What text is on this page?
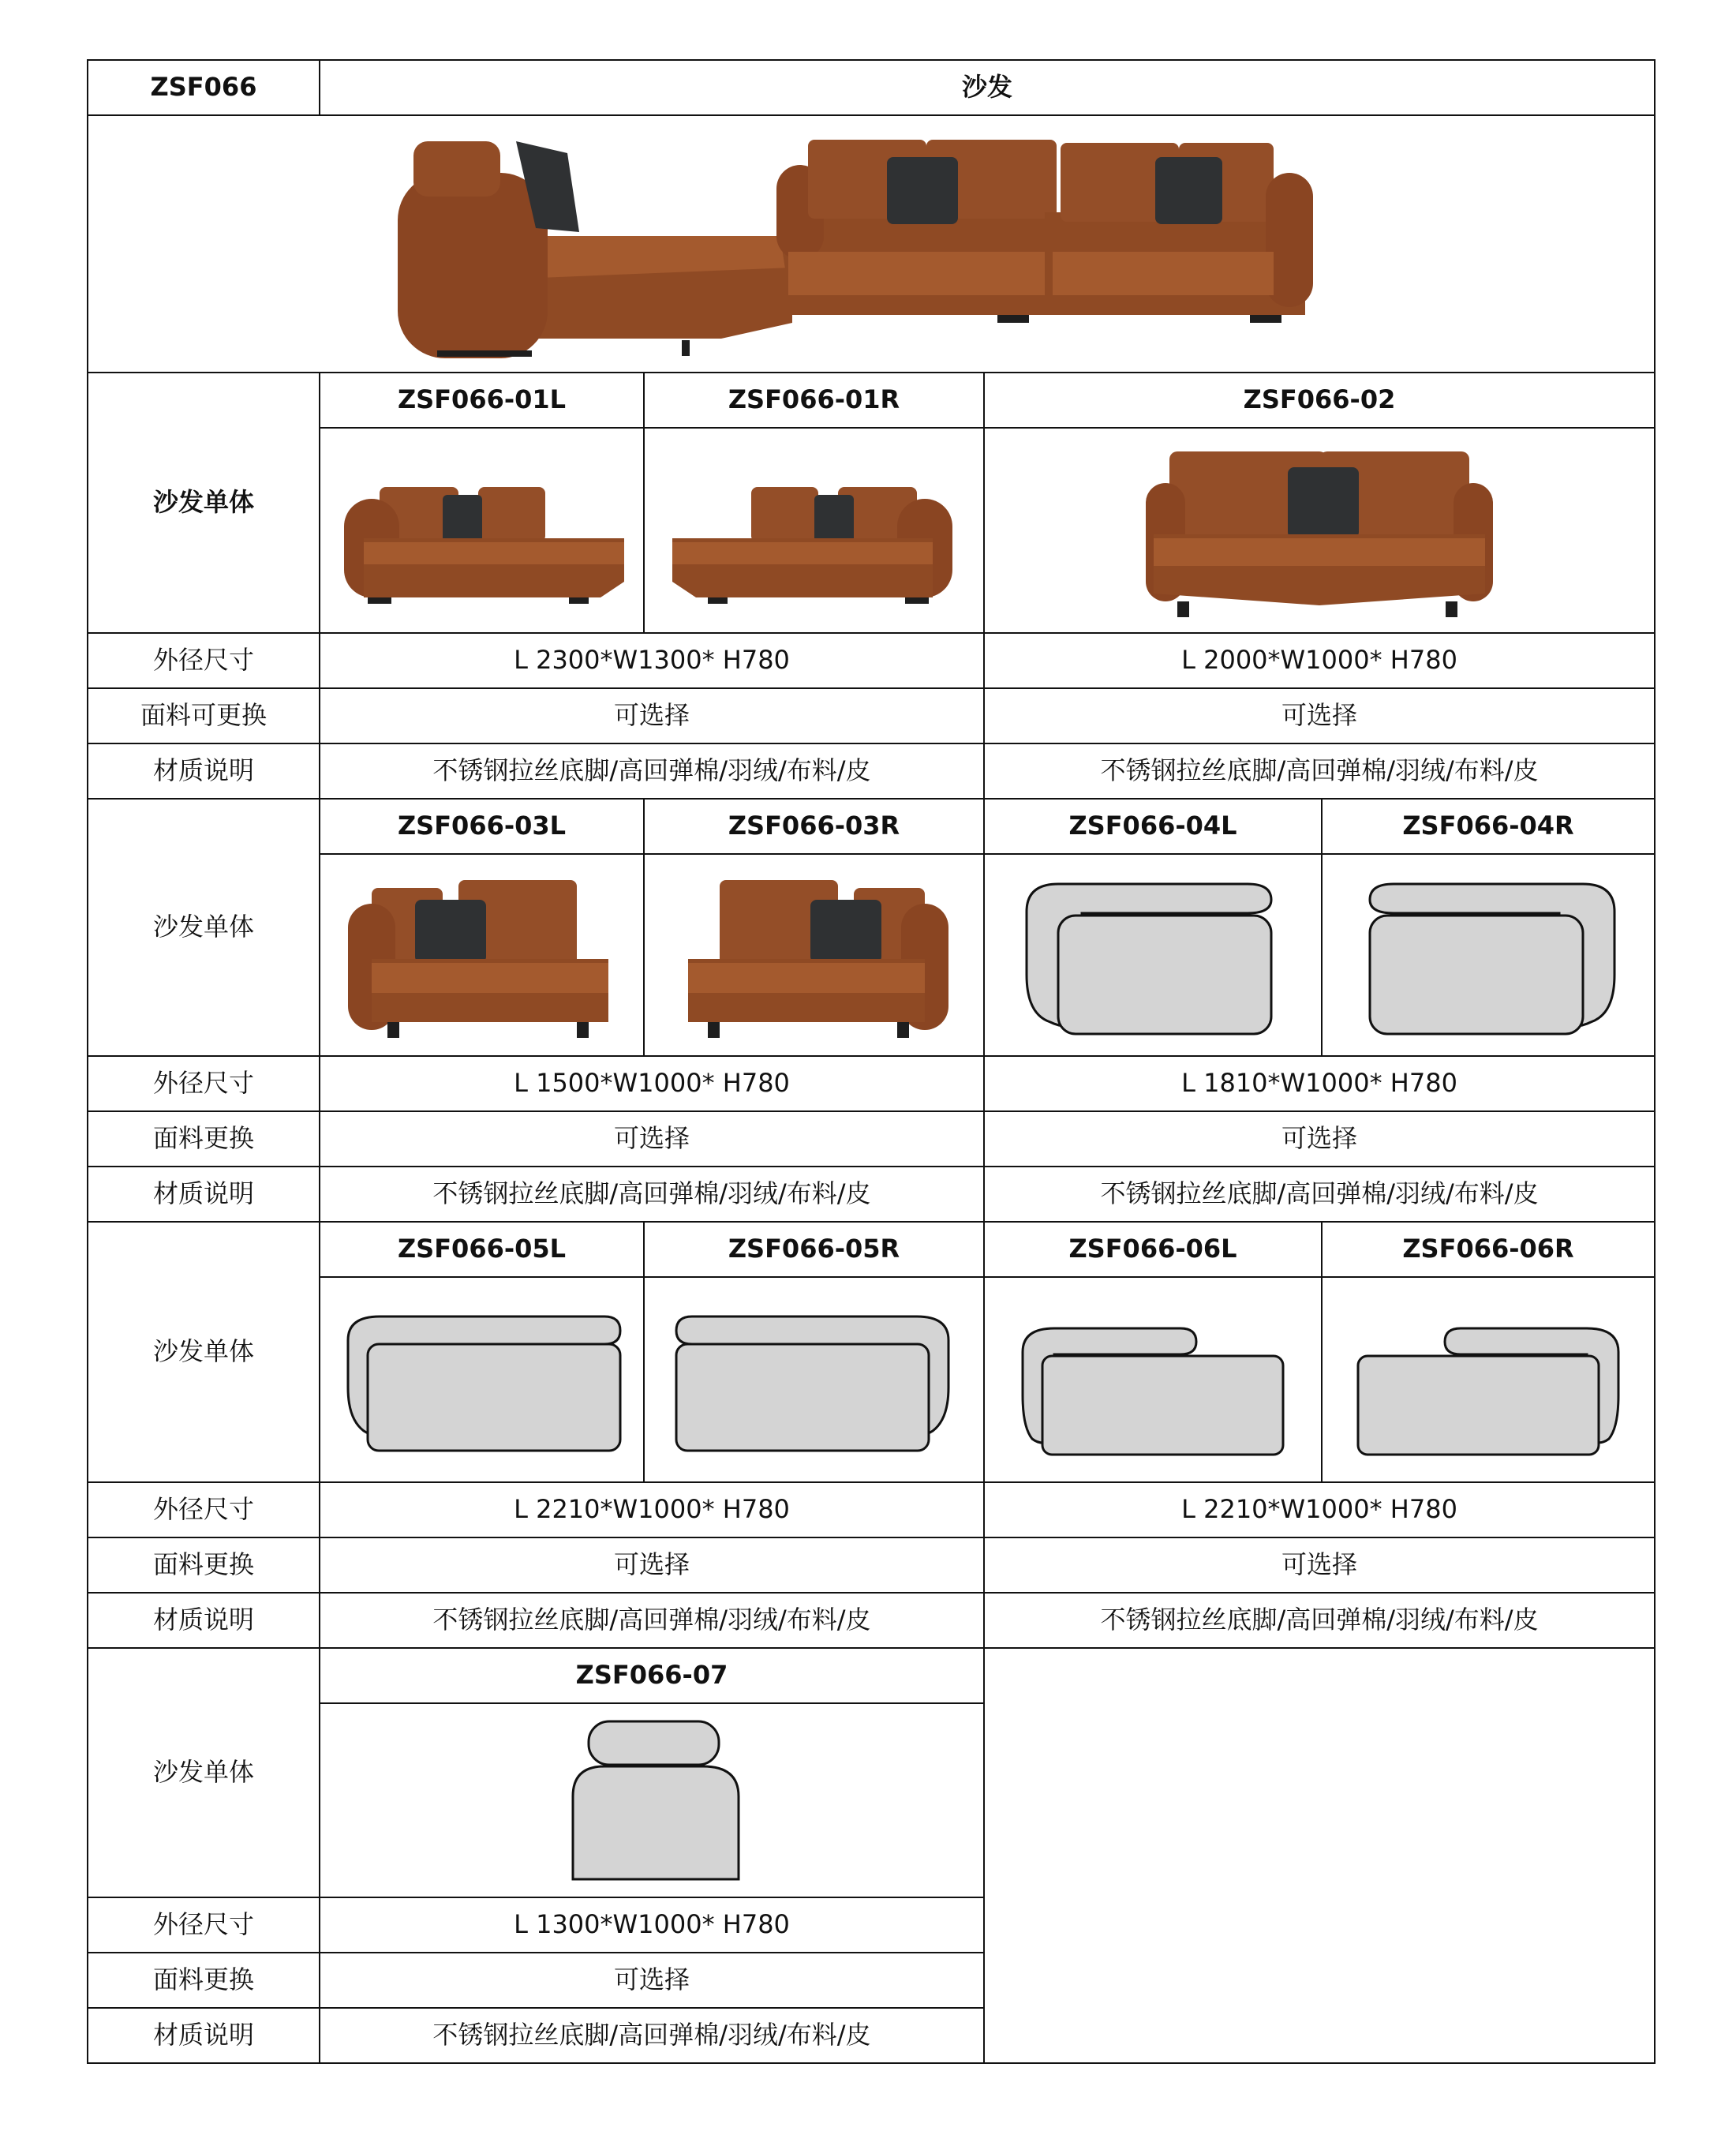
ZSF066	沙发			

沙发单体	ZSF066-01L	ZSF066-01R	ZSF066-02	

外径尺寸	L 2300*W1300* H780		L 2000*W1000* H780	
面料可更换	可选择		可选择	
材质说明	不锈钢拉丝底脚/高回弹棉/羽绒/布料/皮		不锈钢拉丝底脚/高回弹棉/羽绒/布料/皮	
沙发单体	ZSF066-03L	ZSF066-03R	ZSF066-04L	ZSF066-04R

外径尺寸	L 1500*W1000* H780		L 1810*W1000* H780	
面料更换	可选择		可选择	
材质说明	不锈钢拉丝底脚/高回弹棉/羽绒/布料/皮		不锈钢拉丝底脚/高回弹棉/羽绒/布料/皮	
沙发单体	ZSF066-05L	ZSF066-05R	ZSF066-06L	ZSF066-06R

外径尺寸	L 2210*W1000* H780		L 2210*W1000* H780	
面料更换	可选择		可选择	
材质说明	不锈钢拉丝底脚/高回弹棉/羽绒/布料/皮		不锈钢拉丝底脚/高回弹棉/羽绒/布料/皮	
沙发单体	ZSF066-07			

外径尺寸	L 1300*W1000* H780			
面料更换	可选择			
材质说明	不锈钢拉丝底脚/高回弹棉/羽绒/布料/皮			
